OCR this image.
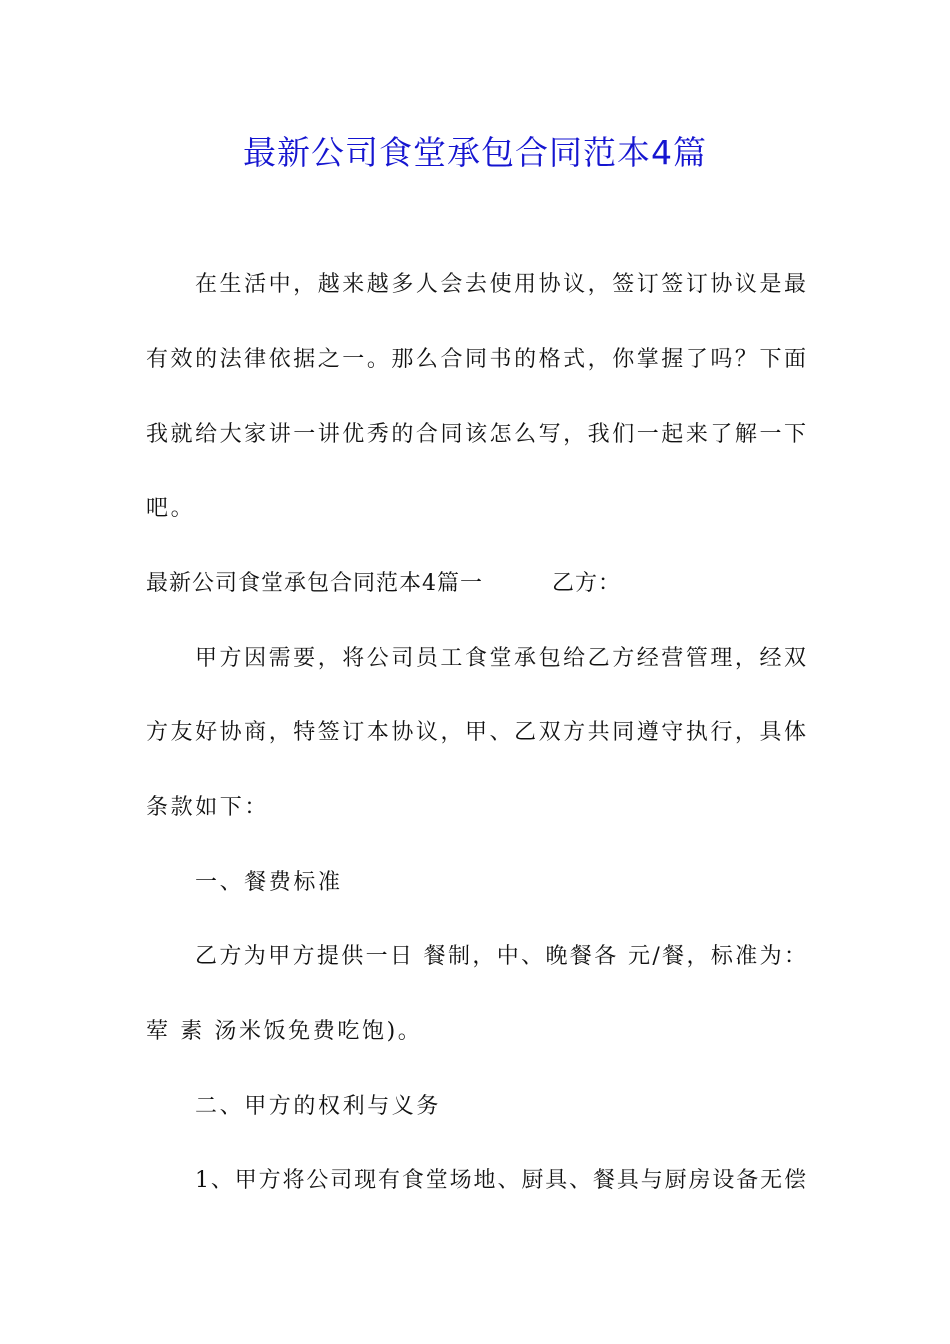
最新公司食堂承包合同范本4篇
在生活中，越来越多人会去使用协议，签订签订协议是最
有效的法律依据之一。那么合同书的格式，你掌握了吗？下面
我就给大家讲一讲优秀的合同该怎么写，我们一起来了解一下
吧。
最新公司食堂承包合同范本4篇一　　　乙方：
甲方因需要，将公司员工食堂承包给乙方经营管理，经双
方友好协商，特签订本协议，甲、乙双方共同遵守执行，具体
条款如下：
一、餐费标准
乙方为甲方提供一日 餐制，中、晚餐各 元/餐，标准为：
荤 素 汤米饭免费吃饱)。
二、甲方的权利与义务
1、甲方将公司现有食堂场地、厨具、餐具与厨房设备无偿
